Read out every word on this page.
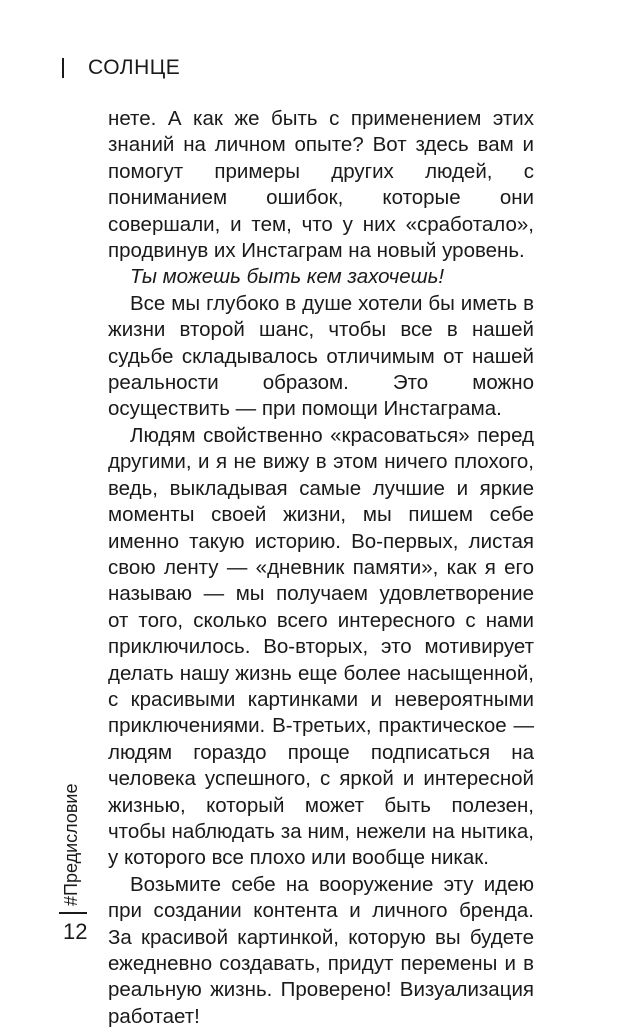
СОЛНЦЕ

нете. А как же быть с применением этих знаний на личном опыте? Вот здесь вам и помогут примеры других людей, с пониманием ошибок, которые они совершали, и тем, что у них «сработало», продвинув их Инстаграм на новый уровень.

Ты можешь быть кем захочешь!

Все мы глубоко в душе хотели бы иметь в жизни второй шанс, чтобы все в нашей судьбе складывалось отличимым от нашей реальности образом. Это можно осуществить — при помощи Инстаграма.

Людям свойственно «красоваться» перед другими, и я не вижу в этом ничего плохого, ведь, выкладывая самые лучшие и яркие моменты своей жизни, мы пишем себе именно такую историю. Во-первых, листая свою ленту — «дневник памяти», как я его называю — мы получаем удовлетворение от того, сколько всего интересного с нами приключилось. Во-вторых, это мотивирует делать нашу жизнь еще более насыщенной, с красивыми картинками и невероятными приключениями. В-третьих, практическое — людям гораздо проще подписаться на человека успешного, с яркой и интересной жизнью, который может быть полезен, чтобы наблюдать за ним, нежели на нытика, у которого все плохо или вообще никак.

Возьмите себе на вооружение эту идею при создании контента и личного бренда. За красивой картинкой, которую вы будете ежедневно создавать, придут перемены и в реальную жизнь. Проверено! Визуализация работает!

#Предисловие
12
